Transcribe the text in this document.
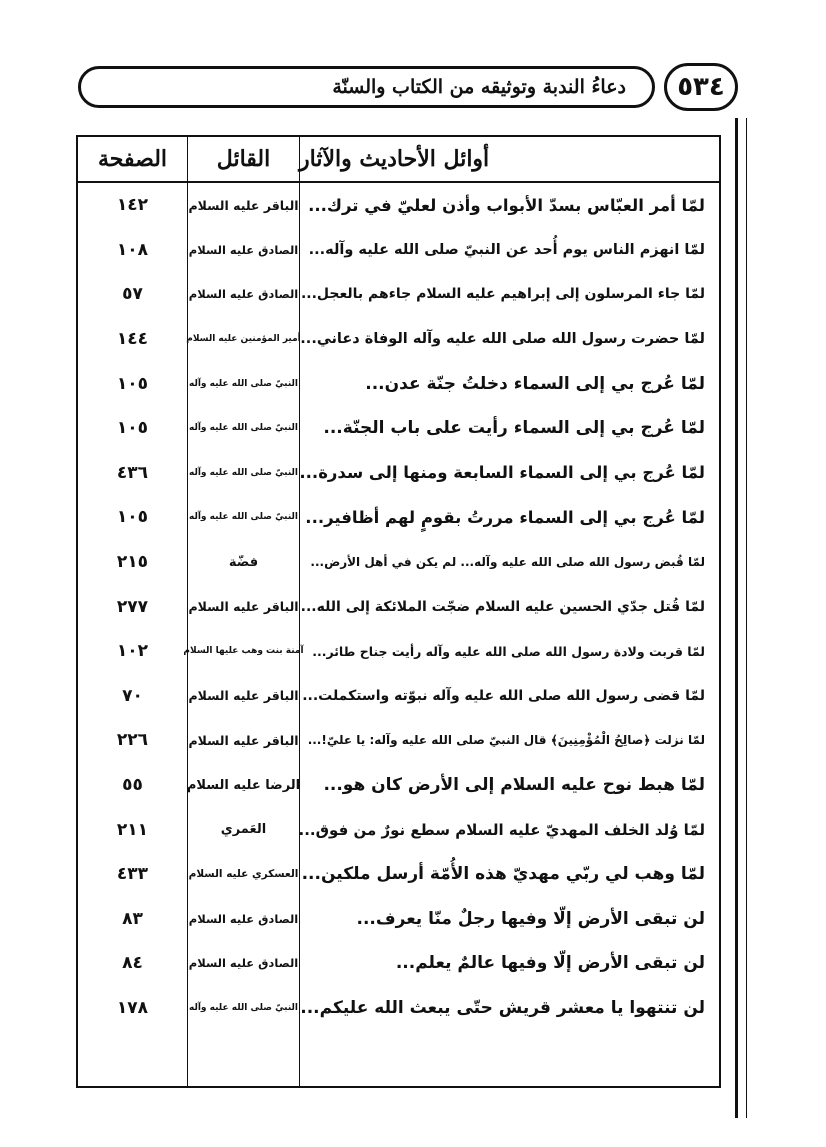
دعاءُ الندبة وتوثيقه من الكتاب والسنّة ٥٣٤
أوائل الأحاديث والآثار
القائل
الصفحة
لمّا أمر العبّاس بسدّ الأبواب وأذن لعليّ في ترك...
الباقر عليه السلام
١٤٢
لمّا انهزم الناس يوم أُحد عن النبيّ صلى الله عليه وآله...
الصادق عليه السلام
١٠٨
لمّا جاء المرسلون إلى إبراهيم عليه السلام جاءهم بالعجل...
الصادق عليه السلام
٥٧
لمّا حضرت رسول الله صلى الله عليه وآله الوفاة دعاني...
أمير المؤمنين عليه السلام
١٤٤
لمّا عُرج بي إلى السماء دخلتُ جنّة عدن...
النبيّ صلى الله عليه وآله
١٠٥
لمّا عُرج بي إلى السماء رأيت على باب الجنّة...
النبيّ صلى الله عليه وآله
١٠٥
لمّا عُرج بي إلى السماء السابعة ومنها إلى سدرة...
النبيّ صلى الله عليه وآله
٤٣٦
لمّا عُرج بي إلى السماء مررتُ بقومٍ لهم أظافير...
النبيّ صلى الله عليه وآله
١٠٥
لمّا قُبض رسول الله صلى الله عليه وآله... لم يكن في أهل الأرض...
فضّة
٢١٥
لمّا قُتل جدّي الحسين عليه السلام ضجّت الملائكة إلى الله...
الباقر عليه السلام
٢٧٧
لمّا قربت ولادة رسول الله صلى الله عليه وآله رأيت جناح طائر...
آمنة بنت وهب عليها السلام
١٠٢
لمّا قضى رسول الله صلى الله عليه وآله نبوّته واستكملت...
الباقر عليه السلام
٧٠
لمّا نزلت ﴿صالِحُ الْمُؤْمِنِينَ﴾ قال النبيّ صلى الله عليه وآله: يا عليّ!...
الباقر عليه السلام
٢٢٦
لمّا هبط نوح عليه السلام إلى الأرض كان هو...
الرضا عليه السلام
٥٥
لمّا وُلد الخلف المهديّ عليه السلام سطع نورٌ من فوق...
العَمري
٢١١
لمّا وهب لي ربّي مهديّ هذه الأُمّة أرسل ملكين...
العسكري عليه السلام
٤٣٣
لن تبقى الأرض إلّا وفيها رجلٌ منّا يعرف...
الصادق عليه السلام
٨٣
لن تبقى الأرض إلّا وفيها عالمٌ يعلم...
الصادق عليه السلام
٨٤
لن تنتهوا يا معشر قريش حتّى يبعث الله عليكم...
النبيّ صلى الله عليه وآله
١٧٨
